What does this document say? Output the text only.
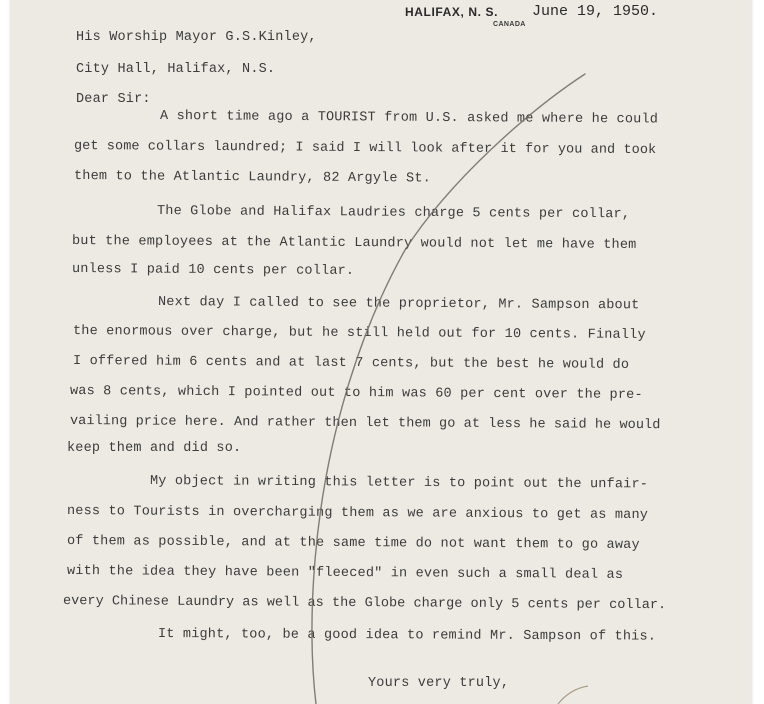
HALIFAX, N. S.
CANADA
June 19, 1950.
His Worship Mayor G.S.Kinley,
City Hall, Halifax, N.S.
Dear Sir:
A short time ago a TOURIST from U.S. asked me where he could
get some collars laundred; I said I will look after it for you and took
them to the Atlantic Laundry, 82 Argyle St.
The Globe and Halifax Laudries charge 5 cents per collar,
but the employees at the Atlantic Laundry would not let me have them
unless I paid 10 cents per collar.
Next day I called to see the proprietor, Mr. Sampson about
the enormous over charge, but he still held out for 10 cents. Finally
I offered him 6 cents and at last 7 cents, but the best he would do
was 8 cents, which I pointed out to him was 60 per cent over the pre-
vailing price here. And rather then let them go at less he said he would
keep them and did so.
My object in writing this letter is to point out the unfair-
ness to Tourists in overcharging them as we are anxious to get as many
of them as possible, and at the same time do not want them to go away
with the idea they have been "fleeced" in even such a small deal as
every Chinese Laundry as well as the Globe charge only 5 cents per collar.
It might, too, be a good idea to remind Mr. Sampson of this.
Yours very truly,
